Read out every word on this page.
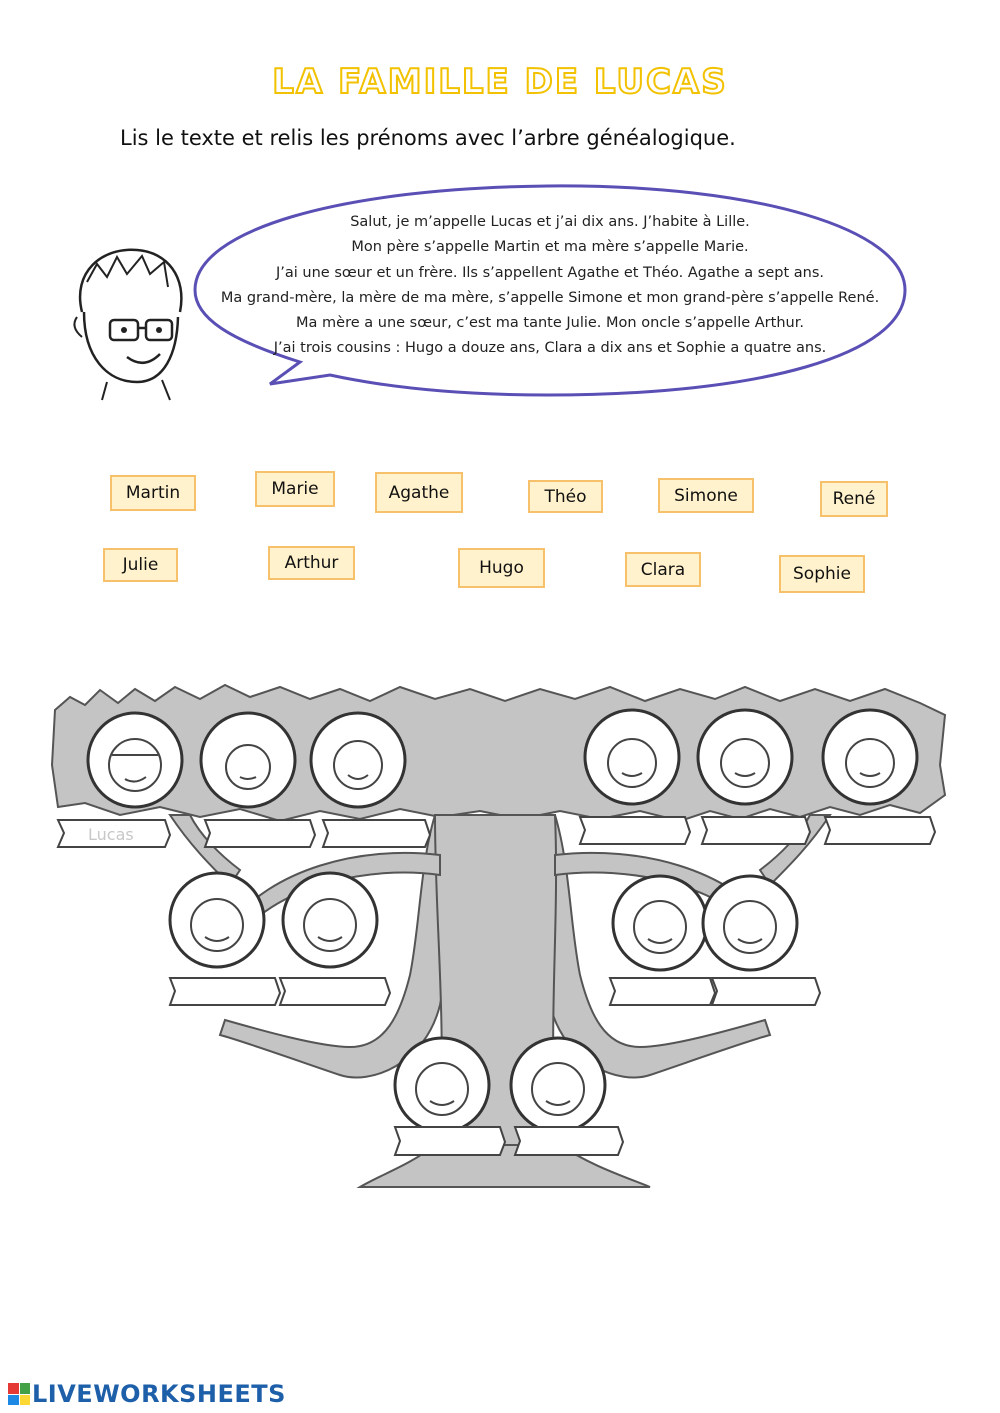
LA FAMILLE DE LUCAS
Lis le texte et relis les prénoms avec l’arbre généalogique.
Salut, je m’appelle Lucas et j’ai dix ans. J’habite à Lille.
Mon père s’appelle Martin et ma mère s’appelle Marie.
J’ai une sœur et un frère. Ils s’appellent Agathe et Théo. Agathe a sept ans.
Ma grand-mère, la mère de ma mère, s’appelle Simone et mon grand-père s’appelle René.
Ma mère a une sœur, c’est ma tante Julie. Mon oncle s’appelle Arthur.
J’ai trois cousins : Hugo a douze ans, Clara a dix ans et Sophie a quatre ans.
Martin	Marie	Agathe	Théo	Simone	René
Julie	Arthur	Hugo	Clara	Sophie
Lucas
LIVEWORKSHEETS
